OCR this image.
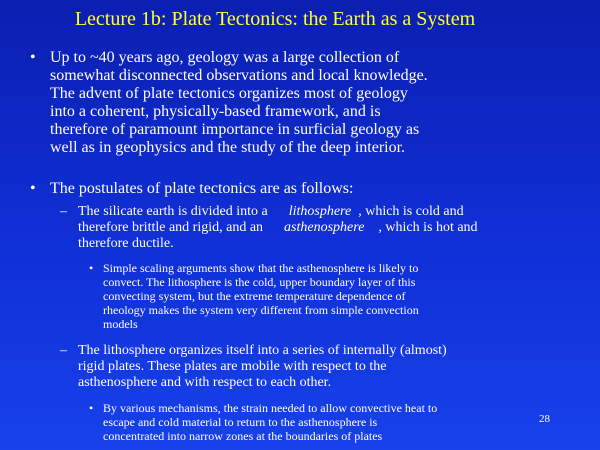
Lecture 1b: Plate Tectonics: the Earth as a System
• Up to ~40 years ago, geology was a large collection of
somewhat disconnected observations and local knowledge.
The advent of plate tectonics organizes most of geology
into a coherent, physically-based framework, and is
therefore of paramount importance in surficial geology as
well as in geophysics and the study of the deep interior.
• The postulates of plate tectonics are as follows:
– The silicate earth is divided into a lithosphere , which is cold and
therefore brittle and rigid, and an asthenosphere , which is hot and
therefore ductile.
• Simple scaling arguments show that the asthenosphere is likely to
convect. The lithosphere is the cold, upper boundary layer of this
convecting system, but the extreme temperature dependence of
rheology makes the system very different from simple convection
models
– The lithosphere organizes itself into a series of internally (almost)
rigid plates. These plates are mobile with respect to the
asthenosphere and with respect to each other.
• By various mechanisms, the strain needed to allow convective heat to
escape and cold material to return to the asthenosphere is
concentrated into narrow zones at the boundaries of plates
28
